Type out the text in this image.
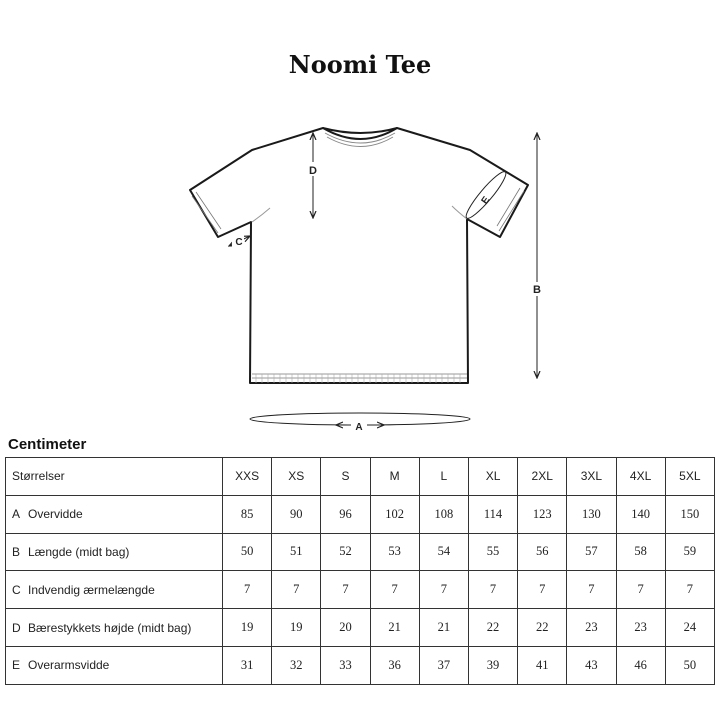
Noomi Tee
D
B
C
E
A
Centimeter
Størrelser	XXS	XS	S	M	L	XL	2XL	3XL	4XL	5XL
A Overvidde	85	90	96	102	108	114	123	130	140	150
B Længde (midt bag)	50	51	52	53	54	55	56	57	58	59
C Indvendig ærmelængde	7	7	7	7	7	7	7	7	7	7
D Bærestykkets højde (midt bag)	19	19	20	21	21	22	22	23	23	24
E Overarmsvidde	31	32	33	36	37	39	41	43	46	50
